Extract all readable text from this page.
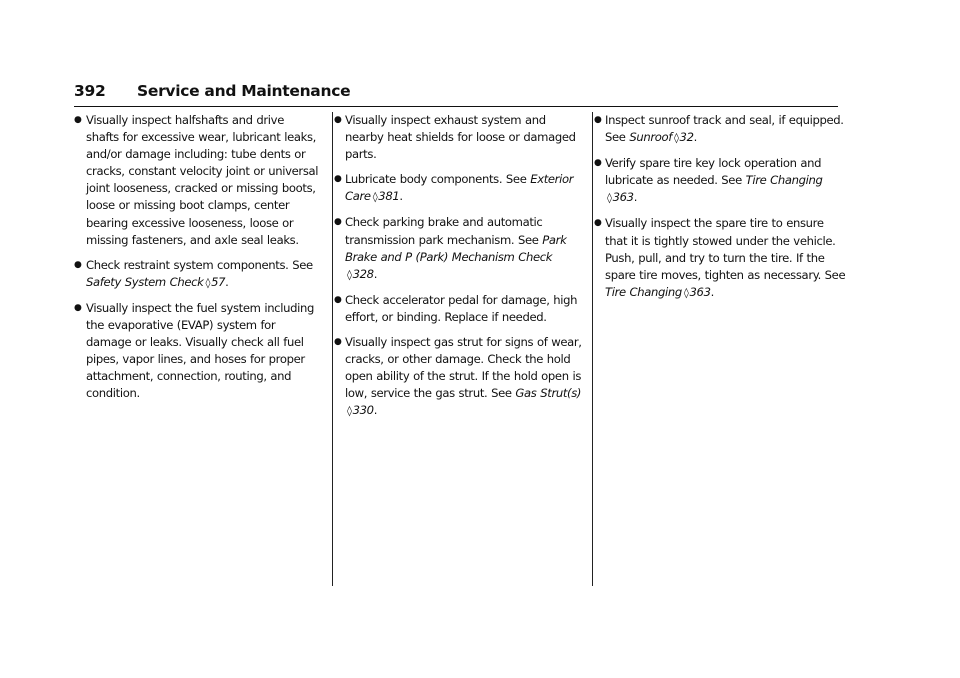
392 Service and Maintenance
● Visually inspect halfshafts and drive shafts for excessive wear, lubricant leaks, and/or damage including: tube dents or cracks, constant velocity joint or universal joint looseness, cracked or missing boots, loose or missing boot clamps, center bearing excessive looseness, loose or missing fasteners, and axle seal leaks.
● Check restraint system components. See Safety System Check ◊57.
● Visually inspect the fuel system including the evaporative (EVAP) system for damage or leaks. Visually check all fuel pipes, vapor lines, and hoses for proper attachment, connection, routing, and condition.
● Visually inspect exhaust system and nearby heat shields for loose or damaged parts.
● Lubricate body components. See Exterior Care ◊381.
● Check parking brake and automatic transmission park mechanism. See Park Brake and P (Park) Mechanism Check
◊328.
● Check accelerator pedal for damage, high effort, or binding. Replace if needed.
● Visually inspect gas strut for signs of wear, cracks, or other damage. Check the hold open ability of the strut. If the hold open is low, service the gas strut. See Gas Strut(s)◊330.
● Inspect sunroof track and seal, if equipped. See Sunroof ◊32.
● Verify spare tire key lock operation and lubricate as needed. See Tire Changing
◊363.
● Visually inspect the spare tire to ensure that it is tightly stowed under the vehicle. Push, pull, and try to turn the tire. If the spare tire moves, tighten as necessary. See Tire Changing ◊363.
